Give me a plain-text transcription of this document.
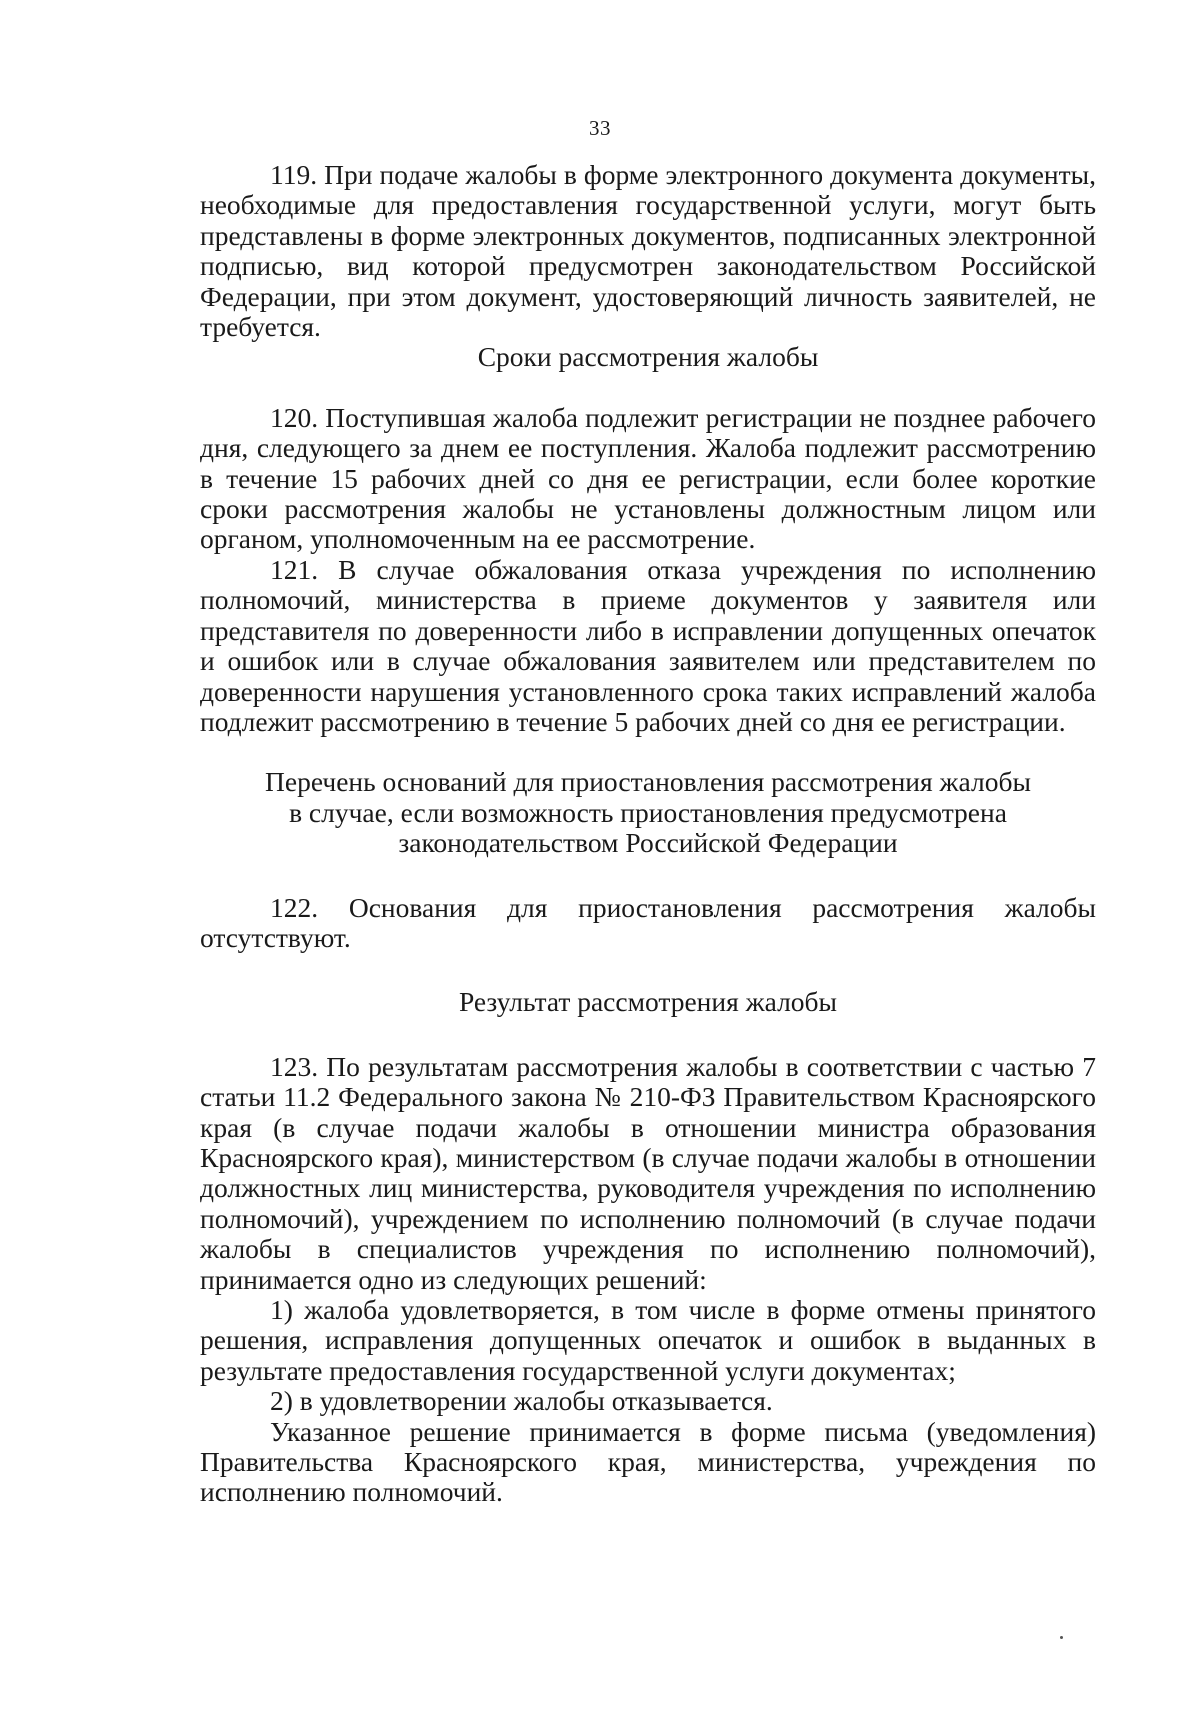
33

119. При подаче жалобы в форме электронного документа документы, необходимые для предоставления государственной услуги, могут быть представлены в форме электронных документов, подписанных электронной подписью, вид которой предусмотрен законодательством Российской Федерации, при этом документ, удостоверяющий личность заявителей, не требуется.

Сроки рассмотрения жалобы

120. Поступившая жалоба подлежит регистрации не позднее рабочего дня, следующего за днем ее поступления. Жалоба подлежит рассмотрению в течение 15 рабочих дней со дня ее регистрации, если более короткие сроки рассмотрения жалобы не установлены должностным лицом или органом, уполномоченным на ее рассмотрение.

121. В случае обжалования отказа учреждения по исполнению полномочий, министерства в приеме документов у заявителя или представителя по доверенности либо в исправлении допущенных опечаток и ошибок или в случае обжалования заявителем или представителем по доверенности нарушения установленного срока таких исправлений жалоба подлежит рассмотрению в течение 5 рабочих дней со дня ее регистрации.

Перечень оснований для приостановления рассмотрения жалобы в случае, если возможность приостановления предусмотрена законодательством Российской Федерации

122. Основания для приостановления рассмотрения жалобы отсутствуют.

Результат рассмотрения жалобы

123. По результатам рассмотрения жалобы в соответствии с частью 7 статьи 11.2 Федерального закона № 210-ФЗ Правительством Красноярского края (в случае подачи жалобы в отношении министра образования Красноярского края), министерством (в случае подачи жалобы в отношении должностных лиц министерства, руководителя учреждения по исполнению полномочий), учреждением по исполнению полномочий (в случае подачи жалобы в специалистов учреждения по исполнению полномочий), принимается одно из следующих решений:

1) жалоба удовлетворяется, в том числе в форме отмены принятого решения, исправления допущенных опечаток и ошибок в выданных в результате предоставления государственной услуги документах;

2) в удовлетворении жалобы отказывается.

Указанное решение принимается в форме письма (уведомления) Правительства Красноярского края, министерства, учреждения по исполнению полномочий.
